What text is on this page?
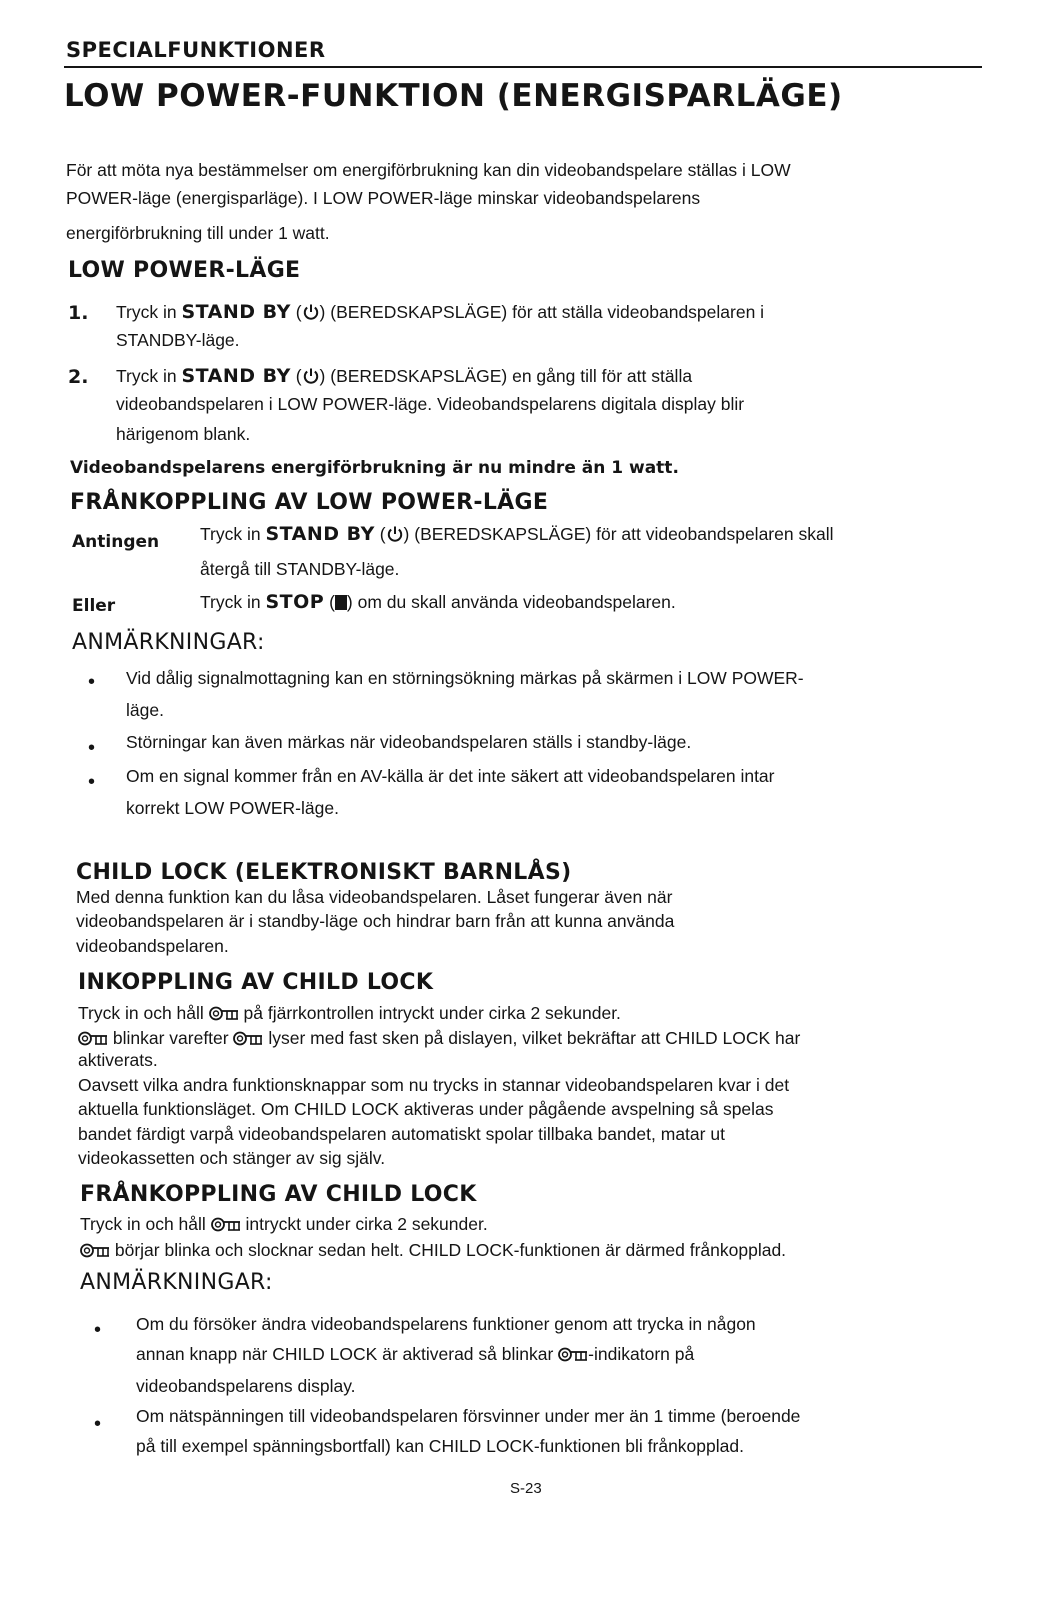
SPECIALFUNKTIONER
LOW POWER-FUNKTION (ENERGISPARLÄGE)
För att möta nya bestämmelser om energiförbrukning kan din videobandspelare ställas i LOW
POWER-läge (energisparläge). I LOW POWER-läge minskar videobandspelarens
energiförbrukning till under 1 watt.
LOW POWER-LÄGE
1. Tryck in STAND BY ( ) (BEREDSKAPSLÄGE) för att ställa videobandspelaren i
STANDBY-läge.
2. Tryck in STAND BY ( ) (BEREDSKAPSLÄGE) en gång till för att ställa
videobandspelaren i LOW POWER-läge. Videobandspelarens digitala display blir
härigenom blank.
Videobandspelarens energiförbrukning är nu mindre än 1 watt.
FRÅNKOPPLING AV LOW POWER-LÄGE
Antingen Tryck in STAND BY ( ) (BEREDSKAPSLÄGE) för att videobandspelaren skall
återgå till STANDBY-läge.
Eller	Tryck in STOP ( ) om du skall använda videobandspelaren.
ANMÄRKNINGAR:
• Vid dålig signalmottagning kan en störningsökning märkas på skärmen i LOW POWER-
läge.
• Störningar kan även märkas när videobandspelaren ställs i standby-läge.
• Om en signal kommer från en AV-källa är det inte säkert att videobandspelaren intar
korrekt LOW POWER-läge.
CHILD LOCK (ELEKTRONISKT BARNLÅS)
Med denna funktion kan du låsa videobandspelaren. Låset fungerar även när
videobandspelaren är i standby-läge och hindrar barn från att kunna använda
videobandspelaren.
INKOPPLING AV CHILD LOCK
Tryck in och håll  på fjärrkontrollen intryckt under cirka 2 sekunder.
blinkar varefter  lyser med fast sken på dislayen, vilket bekräftar att CHILD LOCK har
aktiverats.
Oavsett vilka andra funktionsknappar som nu trycks in stannar videobandspelaren kvar i det
aktuella funktionsläget. Om CHILD LOCK aktiveras under pågående avspelning så spelas
bandet färdigt varpå videobandspelaren automatiskt spolar tillbaka bandet, matar ut
videokassetten och stänger av sig själv.
FRÅNKOPPLING AV CHILD LOCK
Tryck in och håll  intryckt under cirka 2 sekunder.
börjar blinka och slocknar sedan helt. CHILD LOCK-funktionen är därmed frånkopplad.
ANMÄRKNINGAR:
• Om du försöker ändra videobandspelarens funktioner genom att trycka in någon
annan knapp när CHILD LOCK är aktiverad så blinkar -indikatorn på
videobandspelarens display.
• Om nätspänningen till videobandspelaren försvinner under mer än 1 timme (beroende
på till exempel spänningsbortfall) kan CHILD LOCK-funktionen bli frånkopplad.
S-23
